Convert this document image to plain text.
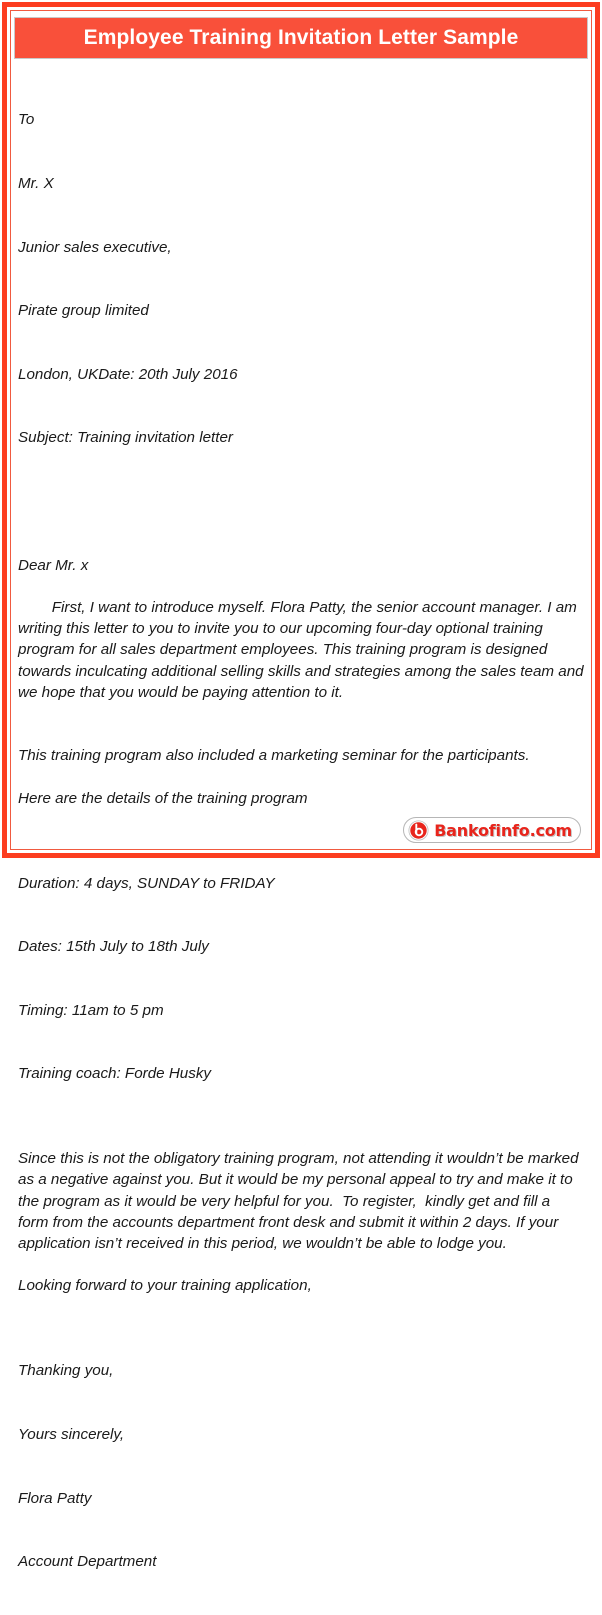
Employee Training Invitation Letter Sample

To

Mr. X

Junior sales executive,

Pirate group limited

London, UKDate: 20th July 2016

Subject: Training invitation letter

Dear Mr. x

First, I want to introduce myself. Flora Patty, the senior account manager. I am writing this letter to you to invite you to our upcoming four-day optional training program for all sales department employees. This training program is designed towards inculcating additional selling skills and strategies among the sales team and we hope that you would be paying attention to it.

This training program also included a marketing seminar for the participants.
Here are the details of the training program

Duration: 4 days, SUNDAY to FRIDAY

Dates: 15th July to 18th July

Timing: 11am to 5 pm

Training coach: Forde Husky

Since this is not the obligatory training program, not attending it wouldn’t be marked as a negative against you. But it would be my personal appeal to try and make it to the program as it would be very helpful for you.  To register,  kindly get and fill a form from the accounts department front desk and submit it within 2 days. If your application isn’t received in this period, we wouldn’t be able to lodge you.
Looking forward to your training application,

Thanking you,

Yours sincerely,

Flora Patty

Account Department

Bankofinfo.com
